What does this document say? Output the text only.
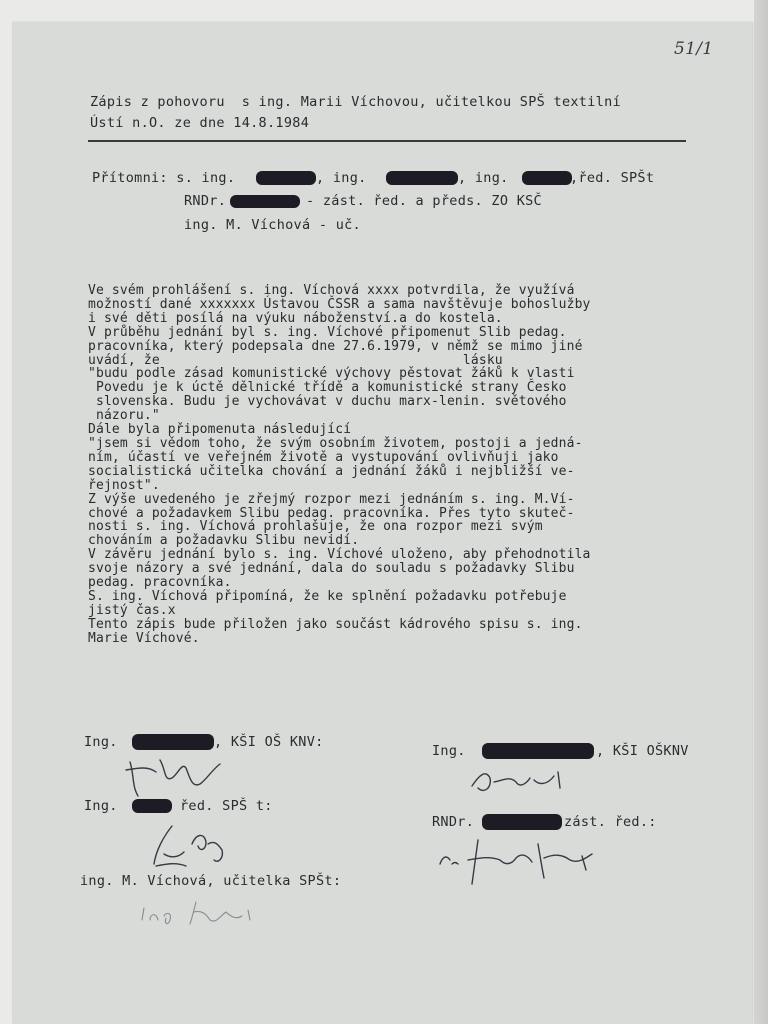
51/1
Zápis z pohovoru  s ing. Marii Víchovou, učitelkou SPŠ textilní
Ústí n.O. ze dne 14.8.1984
Přítomni: s. ing.	, ing.	, ing.	,řed. SPŠt
RNDr.	- zást. řed. a předs. ZO KSČ
ing. M. Víchová - uč.
Ve svém prohlášení s. ing. Víchová xxxx potvrdila, že využívá
možností dané xxxxxxx Ústavou ČSSR a sama navštěvuje bohoslužby
i své děti posílá na výuku náboženství.a do kostela.
V průběhu jednání byl s. ing. Víchové připomenut Slib pedag.
pracovníka, který podepsala dne 27.6.1979, v němž se mimo jiné
uvádí, že                                      lásku
"budu podle zásad komunistické výchovy pěstovat žáků k vlasti
Povedu je k úctě dělnické třídě a komunistické strany Česko
slovenska. Budu je vychovávat v duchu marx-lenin. světového
názoru."
Dále byla připomenuta následující
"jsem si vědom toho, že svým osobním životem, postoji a jedná-
ním, účastí ve veřejném životě a vystupování ovlivňuji jako
socialistická učitelka chování a jednání žáků i nejbližší ve-
řejnost".
Z výše uvedeného je zřejmý rozpor mezi jednáním s. ing. M.Ví-
chové a požadavkem Slibu pedag. pracovníka. Přes tyto skuteč-
nosti s. ing. Víchová prohlašuje, že ona rozpor mezi svým
chováním a požadavku Slibu nevidí.
V závěru jednání bylo s. ing. Víchové uloženo, aby přehodnotila
svoje názory a své jednání, dala do souladu s požadavky Slibu
pedag. pracovníka.
S. ing. Víchová připomíná, že ke splnění požadavku potřebuje
jistý čas.x
Tento zápis bude přiložen jako součást kádrového spisu s. ing.
Marie Víchové.
Ing.	, KŠI OŠ KNV:
Ing.	, KŠI OŠKNV
Ing.	řed. SPŠ t:
RNDr.	zást. řed.:
ing. M. Víchová, učitelka SPŠt:
